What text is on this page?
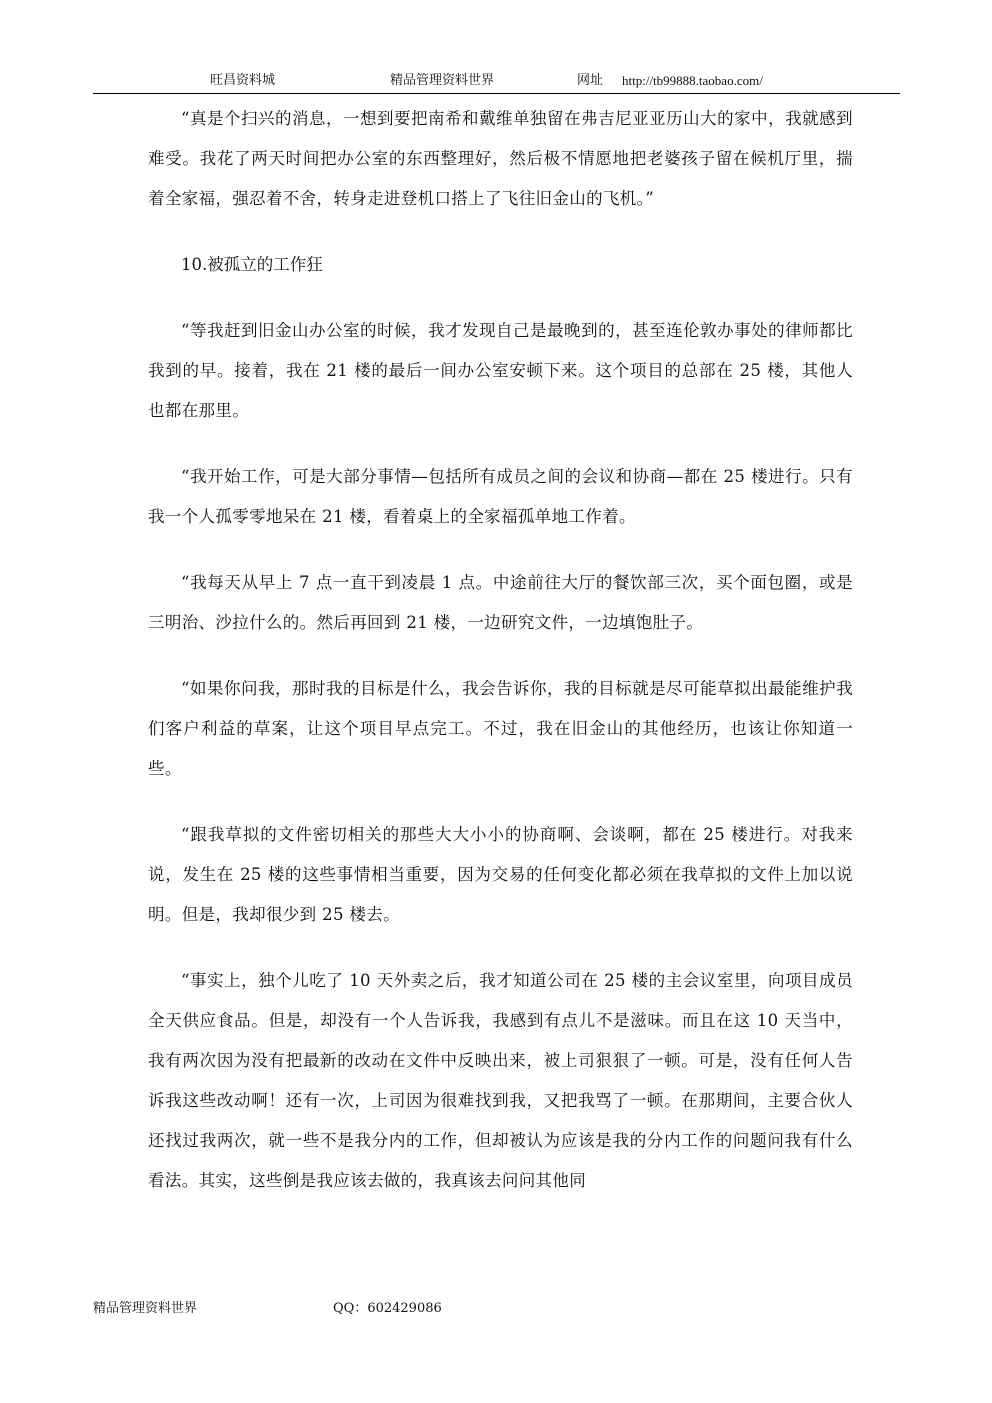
旺昌资料城	精品管理资料世界	网址 http://tb99888.taobao.com/

“真是个扫兴的消息，一想到要把南希和戴维单独留在弗吉尼亚亚历山大的家中，我就感到难受。我花了两天时间把办公室的东西整理好，然后极不情愿地把老婆孩子留在候机厅里，揣着全家福，强忍着不舍，转身走进登机口搭上了飞往旧金山的飞机。”

10.被孤立的工作狂

“等我赶到旧金山办公室的时候，我才发现自己是最晚到的，甚至连伦敦办事处的律师都比我到的早。接着，我在 21 楼的最后一间办公室安顿下来。这个项目的总部在 25 楼，其他人也都在那里。

“我开始工作，可是大部分事情—包括所有成员之间的会议和协商—都在 25 楼进行。只有我一个人孤零零地呆在 21 楼，看着桌上的全家福孤单地工作着。

“我每天从早上 7 点一直干到凌晨 1 点。中途前往大厅的餐饮部三次，买个面包圈，或是三明治、沙拉什么的。然后再回到 21 楼，一边研究文件，一边填饱肚子。

“如果你问我，那时我的目标是什么，我会告诉你，我的目标就是尽可能草拟出最能维护我们客户利益的草案，让这个项目早点完工。不过，我在旧金山的其他经历，也该让你知道一些。

“跟我草拟的文件密切相关的那些大大小小的协商啊、会谈啊，都在 25 楼进行。对我来说，发生在 25 楼的这些事情相当重要，因为交易的任何变化都必须在我草拟的文件上加以说明。但是，我却很少到 25 楼去。

“事实上，独个儿吃了 10 天外卖之后，我才知道公司在 25 楼的主会议室里，向项目成员全天供应食品。但是，却没有一个人告诉我，我感到有点儿不是滋味。而且在这 10 天当中，我有两次因为没有把最新的改动在文件中反映出来，被上司狠狠了一顿。可是，没有任何人告诉我这些改动啊！还有一次，上司因为很难找到我，又把我骂了一顿。在那期间，主要合伙人还找过我两次，就一些不是我分内的工作，但却被认为应该是我的分内工作的问题问我有什么看法。其实，这些倒是我应该去做的，我真该去问问其他同

精品管理资料世界	QQ：602429086
